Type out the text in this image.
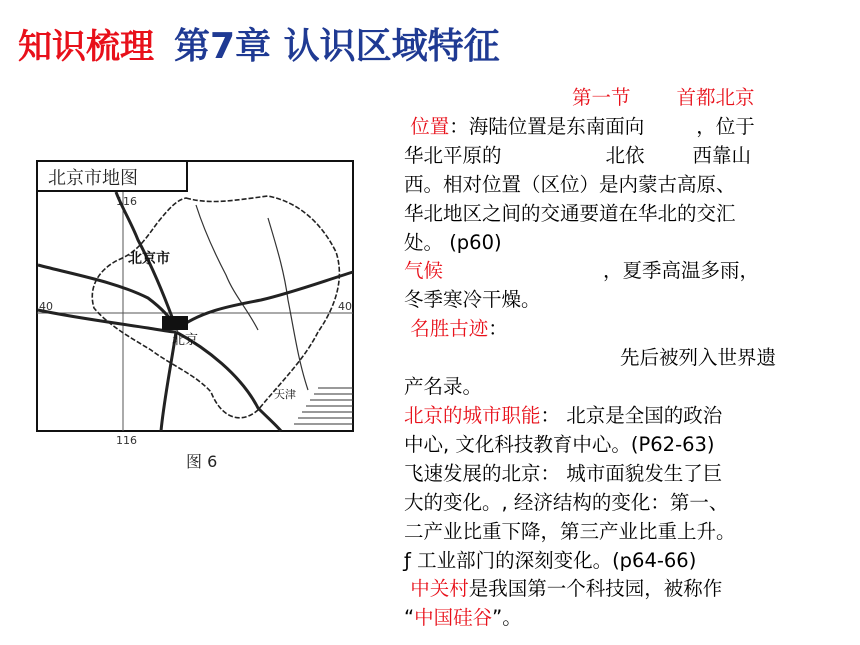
知识梳理 第7章 认识区域特征
北京市地图
116
116
40	40
北京市
北京
天津
图 6
第一节 首都北京
位置：海陆位置是东南面向	，位于
华北平原的	北依 西靠山
西。相对位置（区位）是内蒙古高原、
华北地区之间的交通要道在华北的交汇
处。 (p60)
气候	，夏季高温多雨，
冬季寒冷干燥。
名胜古迹：
先后被列入世界遗
产名录。
北京的城市职能： 北京是全国的政治
中心, 文化科技教育中心。(P62-63)
飞速发展的北京： 城市面貌发生了巨
大的变化。, 经济结构的变化：第一、
二产业比重下降，第三产业比重上升。
ƒ 工业部门的深刻变化。(p64-66)
中关村是我国第一个科技园，被称作
“中国硅谷”。
